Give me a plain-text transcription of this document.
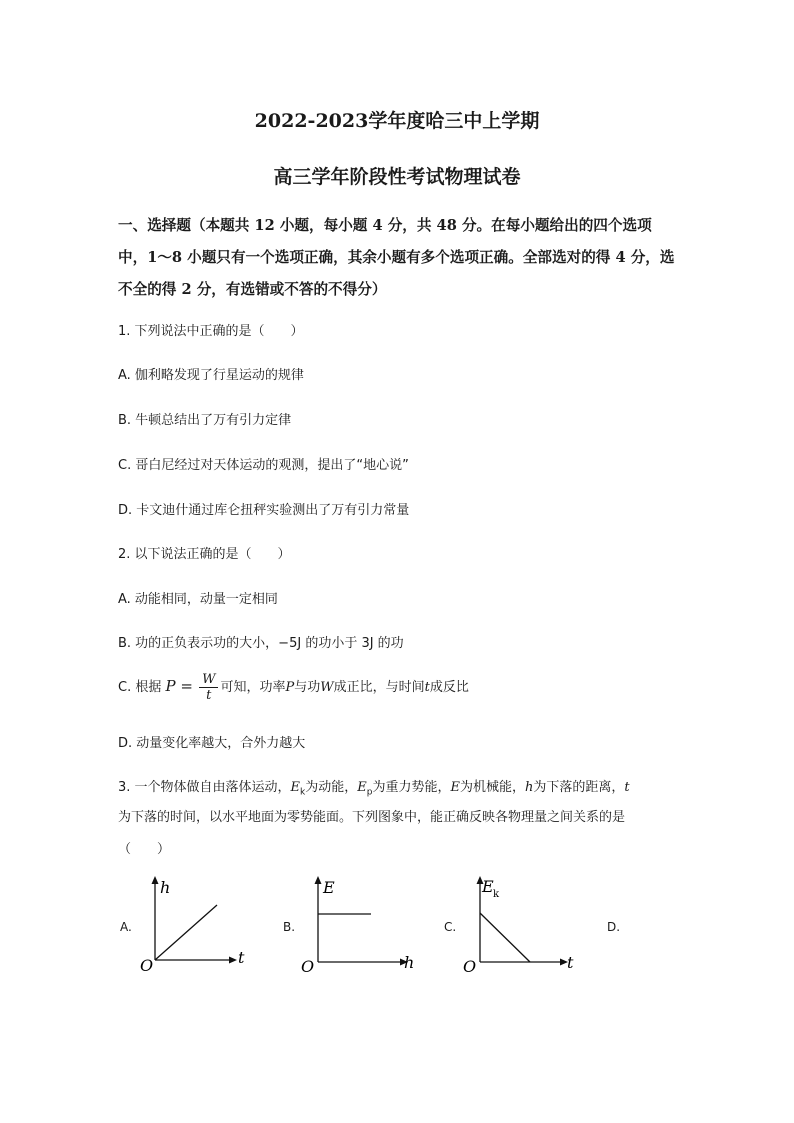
2022-2023学年度哈三中上学期
高三学年阶段性考试物理试卷
一、选择题（本题共 12 小题，每小题 4 分，共 48 分。在每小题给出的四个选项中，1～8 小题只有一个选项正确，其余小题有多个选项正确。全部选对的得 4 分，选不全的得 2 分，有选错或不答的不得分）
1. 下列说法中正确的是（　　）
A. 伽利略发现了行星运动的规律
B. 牛顿总结出了万有引力定律
C. 哥白尼经过对天体运动的观测，提出了“地心说”
D. 卡文迪什通过库仑扭秤实验测出了万有引力常量
2. 以下说法正确的是（　　）
A. 动能相同，动量一定相同
B. 功的正负表示功的大小，−5J 的功小于 3J 的功
C. 根据 $P = \frac{W}{t}$ 可知，功率P与功W成正比，与时间t成反比
D. 动量变化率越大，合外力越大
3. 一个物体做自由落体运动，$E_k$为动能，$E_p$为重力势能，E为机械能，h为下落的距离，t
为下落的时间，以水平地面为零势能面。下列图象中，能正确反映各物理量之间关系的是
（　　）
A.	B.	C.	D.
h
t
O
E
h
O
E k
t
O
